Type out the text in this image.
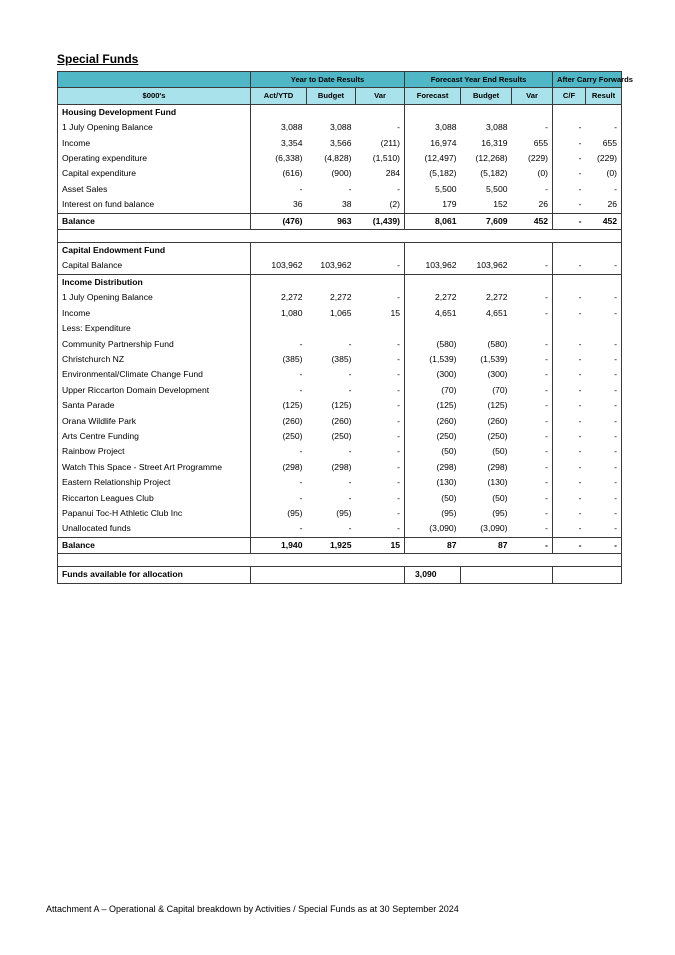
Special Funds
	Year to Date Results			Forecast Year End Results			After Carry Forwards	
$000's	Act/YTD	Budget	Var	Forecast	Budget	Var	C/F	Result
Housing Development Fund								
1 July Opening Balance	3,088	3,088	-	3,088	3,088	-	-	-
Income	3,354	3,566	(211)	16,974	16,319	655	-	655
Operating expenditure	(6,338)	(4,828)	(1,510)	(12,497)	(12,268)	(229)	-	(229)
Capital expenditure	(616)	(900)	284	(5,182)	(5,182)	(0)	-	(0)
Asset Sales	-	-	-	5,500	5,500	-	-	-
Interest on fund balance	36	38	(2)	179	152	26	-	26
Balance	(476)	963	(1,439)	8,061	7,609	452	-	452

Capital Endowment Fund								
Capital Balance	103,962	103,962	-	103,962	103,962	-	-	-
Income Distribution								
1 July Opening Balance	2,272	2,272	-	2,272	2,272	-	-	-
Income	1,080	1,065	15	4,651	4,651	-	-	-
Less: Expenditure								
Community Partnership Fund	-	-	-	(580)	(580)	-	-	-
Christchurch NZ	(385)	(385)	-	(1,539)	(1,539)	-	-	-
Environmental/Climate Change Fund	-	-	-	(300)	(300)	-	-	-
Upper Riccarton Domain Development	-	-	-	(70)	(70)	-	-	-
Santa Parade	(125)	(125)	-	(125)	(125)	-	-	-
Orana Wildlife Park	(260)	(260)	-	(260)	(260)	-	-	-
Arts Centre Funding	(250)	(250)	-	(250)	(250)	-	-	-
Rainbow Project	-	-	-	(50)	(50)	-	-	-
Watch This Space - Street Art Programme	(298)	(298)	-	(298)	(298)	-	-	-
Eastern Relationship Project	-	-	-	(130)	(130)	-	-	-
Riccarton Leagues Club	-	-	-	(50)	(50)	-	-	-
Papanui Toc-H Athletic Club Inc	(95)	(95)	-	(95)	(95)	-	-	-
Unallocated funds	-	-	-	(3,090)	(3,090)	-	-	-
Balance	1,940	1,925	15	87	87	-	-	-

Funds available for allocation				3,090				

Attachment A – Operational & Capital breakdown by Activities / Special Funds as at 30 September 2024
